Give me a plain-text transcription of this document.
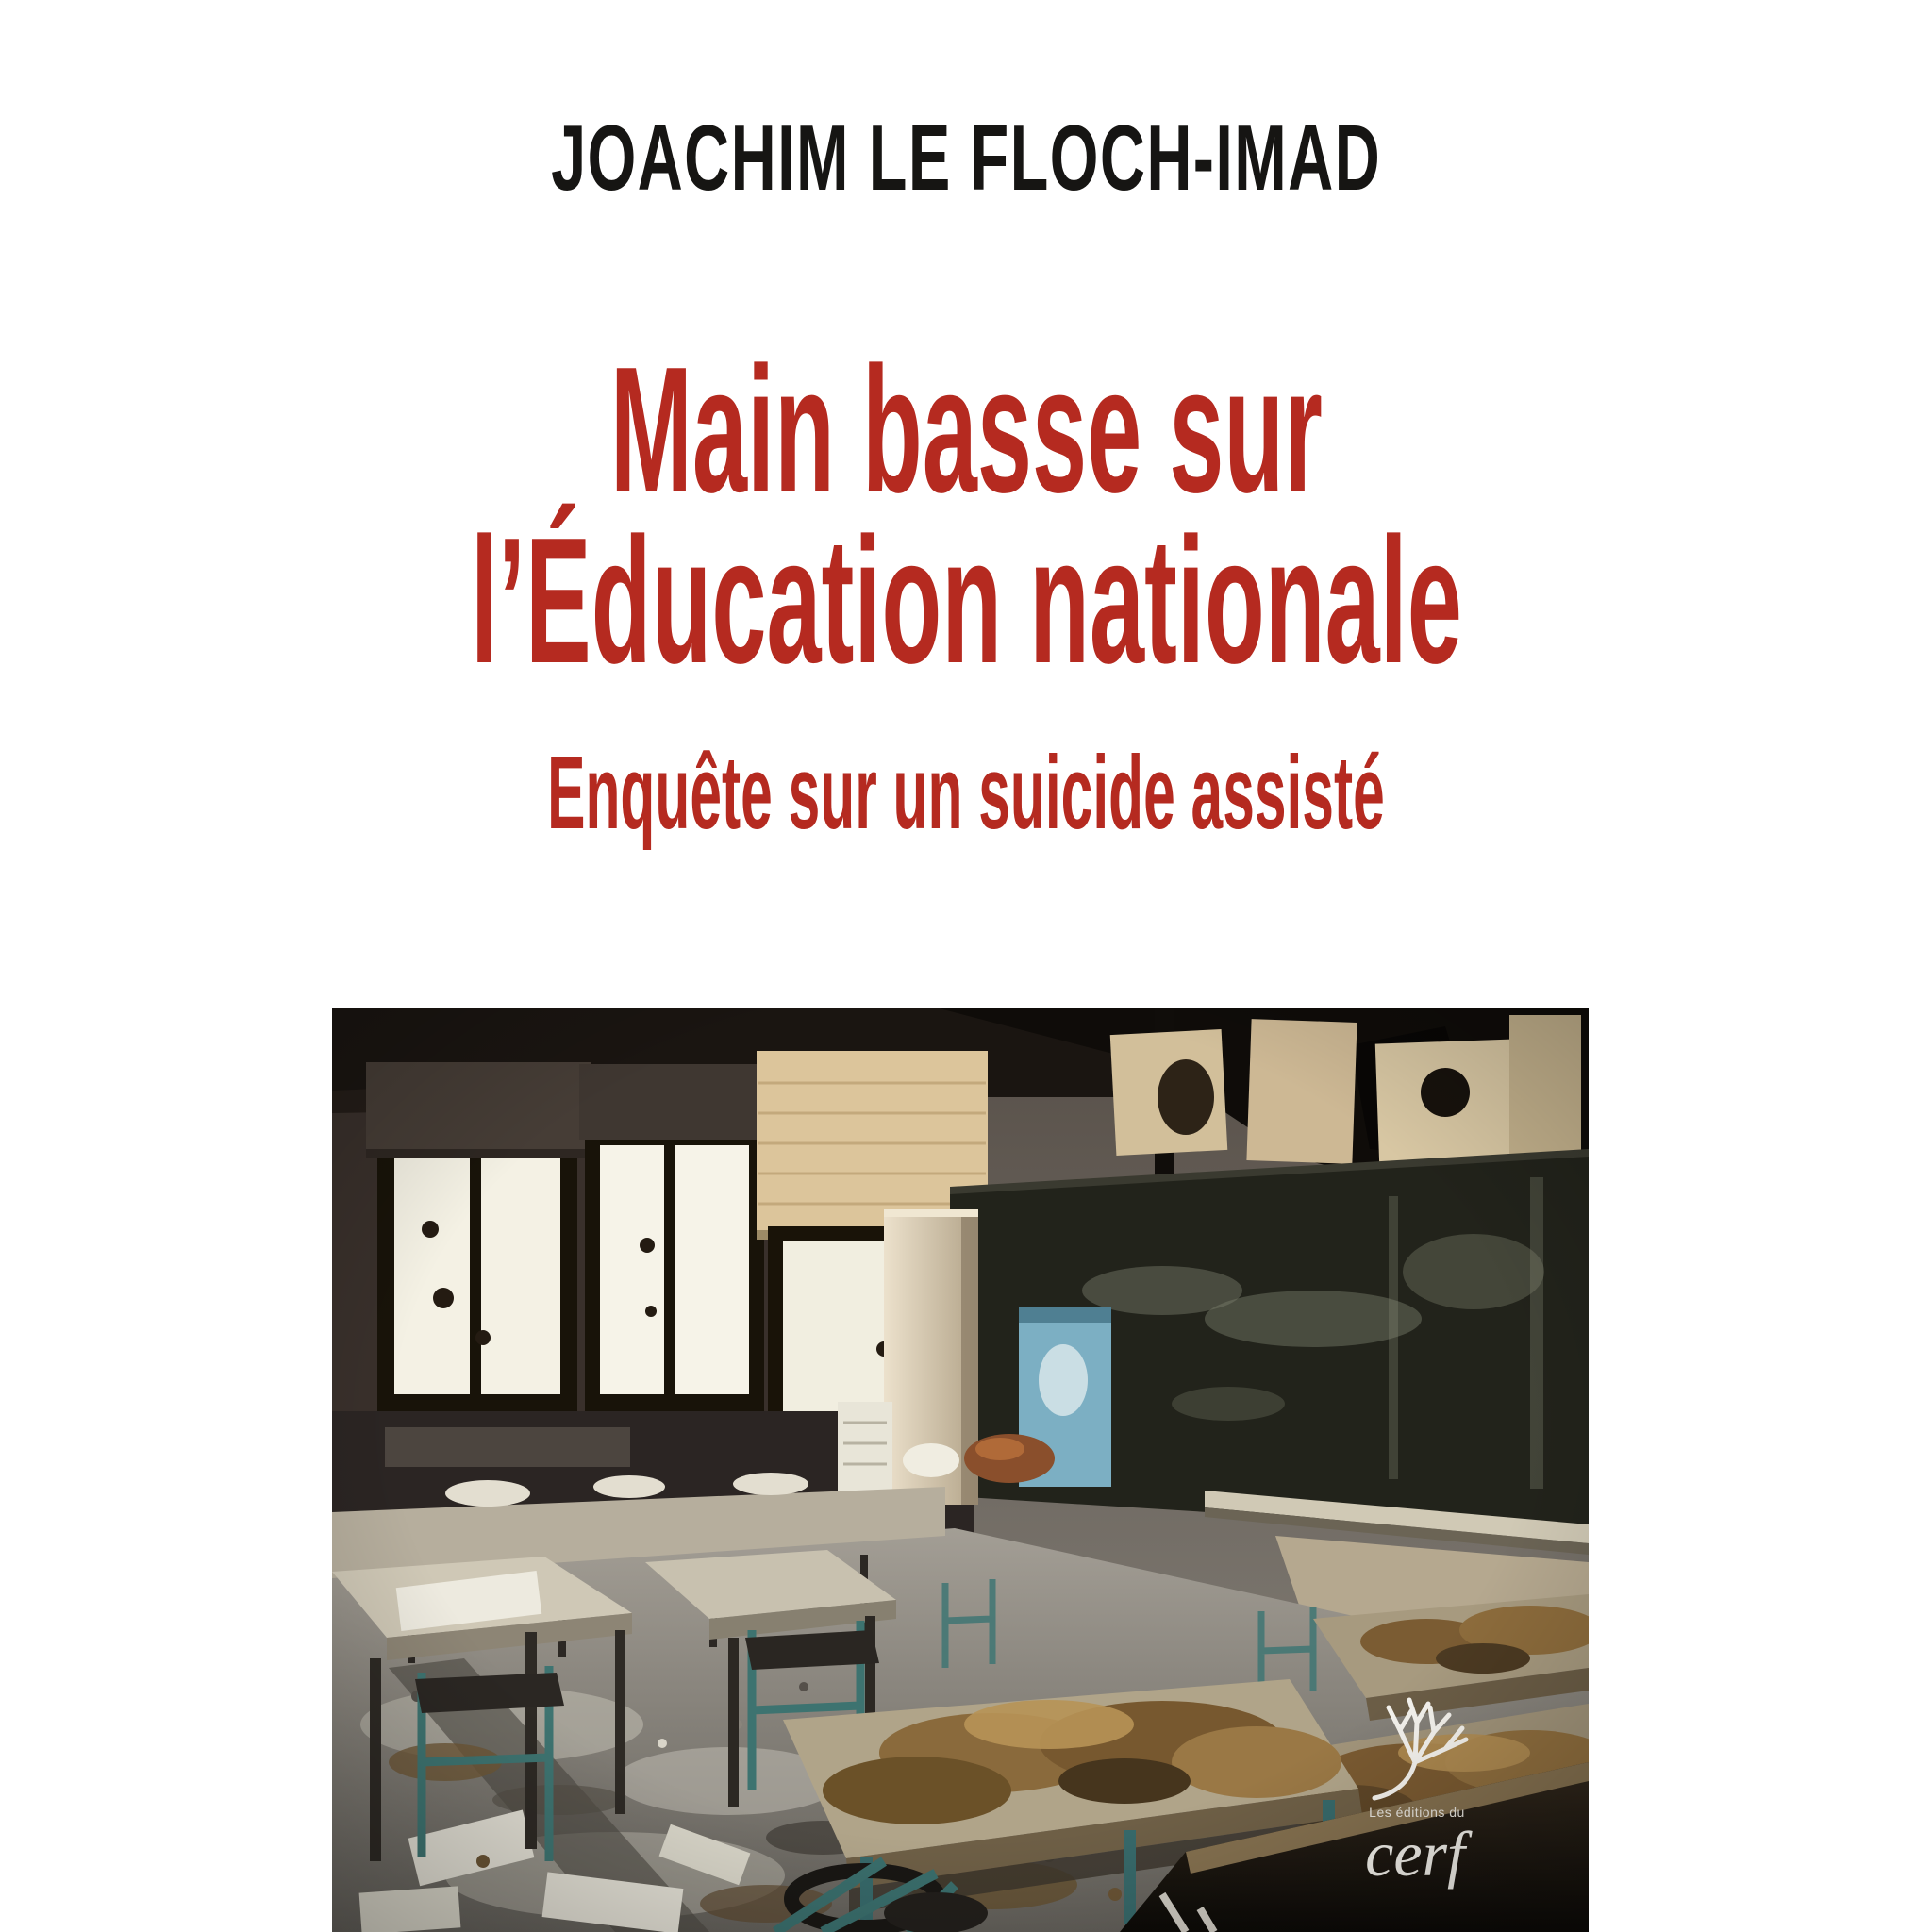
JOACHIM LE FLOCH-IMAD
Main basse sur
l’Éducation nationale
Enquête sur un suicide assisté
